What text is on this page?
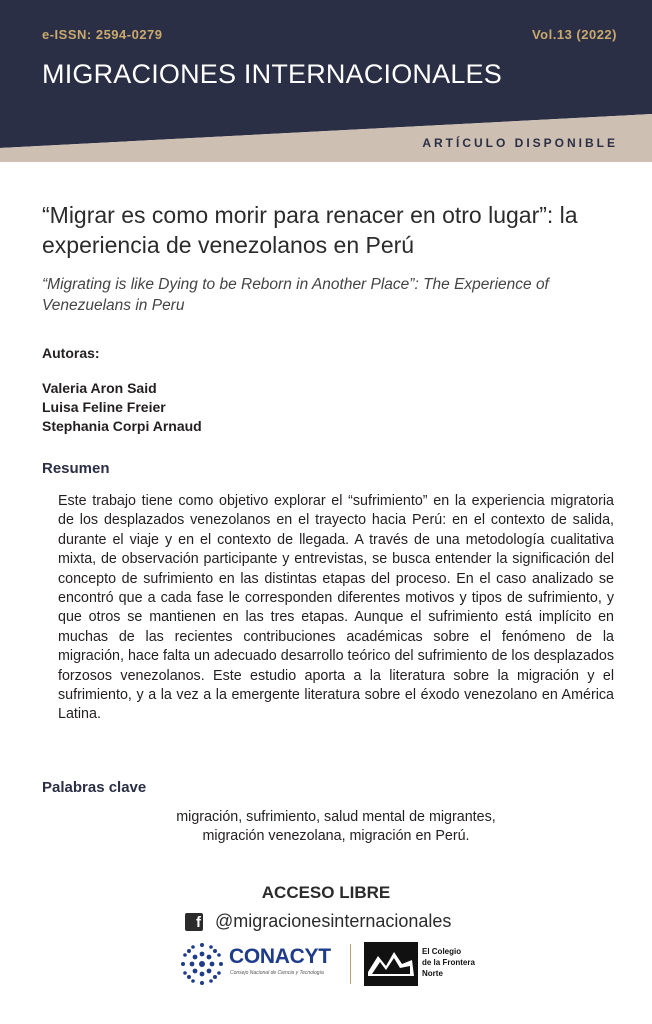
e-ISSN: 2594-0279	Vol.13 (2022)
MIGRACIONES INTERNACIONALES
ARTÍCULO DISPONIBLE
“Migrar es como morir para renacer en otro lugar”: la experiencia de venezolanos en Perú
“Migrating is like Dying to be Reborn in Another Place”: The Experience of Venezuelans in Peru
Autoras:
Valeria Aron Said
Luisa Feline Freier
Stephania Corpi Arnaud
Resumen
Este trabajo tiene como objetivo explorar el “sufrimiento” en la experiencia migratoria de los desplazados venezolanos en el trayecto hacia Perú: en el contexto de salida, durante el viaje y en el contexto de llegada. A través de una metodología cualitativa mixta, de observación participante y entrevistas, se busca entender la significación del concepto de sufrimiento en las distintas etapas del proceso. En el caso analizado se encontró que a cada fase le corresponden diferentes motivos y tipos de sufrimiento, y que otros se mantienen en las tres etapas. Aunque el sufrimiento está implícito en muchas de las recientes contribuciones académicas sobre el fenómeno de la migración, hace falta un adecuado desarrollo teórico del sufrimiento de los desplazados forzosos venezolanos. Este estudio aporta a la literatura sobre la migración y el sufrimiento, y a la vez a la emergente literatura sobre el éxodo venezolano en América Latina.
Palabras clave
migración, sufrimiento, salud mental de migrantes,
migración venezolana, migración en Perú.
ACCESO LIBRE
f @migracionesinternacionales
CONACYT
Consejo Nacional de Ciencia y Tecnología
El Colegio
de la Frontera
Norte
